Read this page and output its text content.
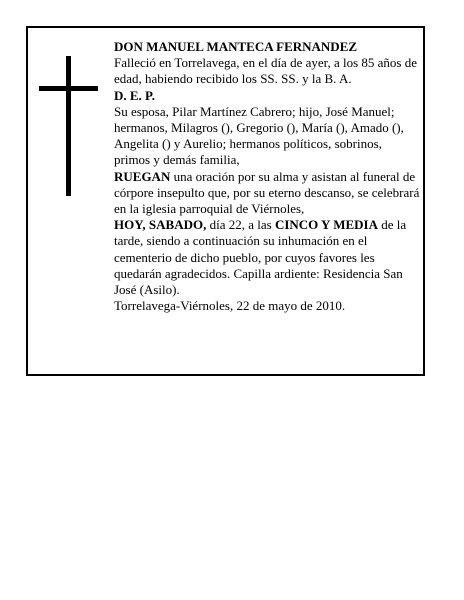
DON MANUEL MANTECA FERNANDEZ

Falleció en Torrelavega, en el día de ayer, a los 85 años de edad, habiendo recibido los SS. SS. y la B. A.

D. E. P.

Su esposa, Pilar Martínez Cabrero; hijo, José Manuel; hermanos, Milagros (), Gregorio (), María (), Amado (), Angelita () y Aurelio; hermanos políticos, sobrinos, primos y demás familia,

RUEGAN una oración por su alma y asistan al funeral de córpore insepulto que, por su eterno descanso, se celebrará en la iglesia parroquial de Viérnoles,

HOY, SABADO, día 22, a las CINCO Y MEDIA de la tarde, siendo a continuación su inhumación en el cementerio de dicho pueblo, por cuyos favores les quedarán agradecidos. Capilla ardiente: Residencia San José (Asilo).

Torrelavega-Viérnoles, 22 de mayo de 2010.
